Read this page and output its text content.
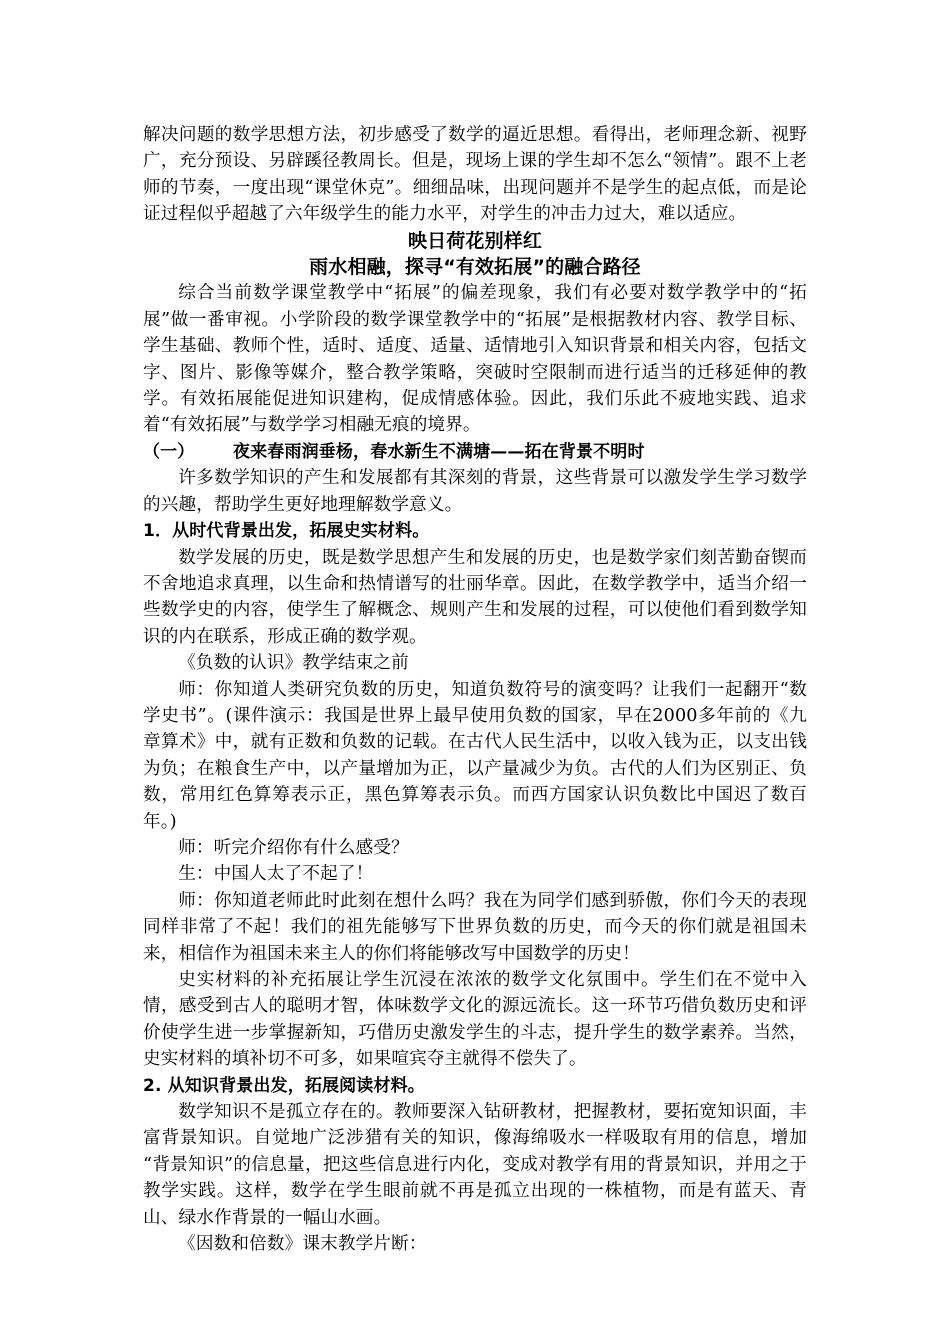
解决问题的数学思想方法，初步感受了数学的逼近思想。看得出，老师理念新、视野广，充分预设、另辟蹊径教周长。但是，现场上课的学生却不怎么“领情”。跟不上老师的节奏，一度出现“课堂休克”。细细品味，出现问题并不是学生的起点低，而是论证过程似乎超越了六年级学生的能力水平，对学生的冲击力过大，难以适应。

映日荷花别样红

雨水相融，探寻“有效拓展”的融合路径

综合当前数学课堂教学中“拓展”的偏差现象，我们有必要对数学教学中的“拓展”做一番审视。小学阶段的数学课堂教学中的“拓展”是根据教材内容、教学目标、学生基础、教师个性，适时、适度、适量、适情地引入知识背景和相关内容，包括文字、图片、影像等媒介，整合教学策略，突破时空限制而进行适当的迁移延伸的教学。有效拓展能促进知识建构，促成情感体验。因此，我们乐此不疲地实践、追求着“有效拓展”与数学学习相融无痕的境界。

（一） 夜来春雨润垂杨，春水新生不满塘——拓在背景不明时

许多数学知识的产生和发展都有其深刻的背景，这些背景可以激发学生学习数学的兴趣，帮助学生更好地理解数学意义。

1．从时代背景出发，拓展史实材料。

数学发展的历史，既是数学思想产生和发展的历史，也是数学家们刻苦勤奋锲而不舍地追求真理，以生命和热情谱写的壮丽华章。因此，在数学教学中，适当介绍一些数学史的内容，使学生了解概念、规则产生和发展的过程，可以使他们看到数学知识的内在联系，形成正确的数学观。

《负数的认识》教学结束之前

师：你知道人类研究负数的历史，知道负数符号的演变吗？让我们一起翻开“数学史书”。(课件演示：我国是世界上最早使用负数的国家，早在2000多年前的《九章算术》中，就有正数和负数的记载。在古代人民生活中，以收入钱为正，以支出钱为负；在粮食生产中，以产量增加为正，以产量减少为负。古代的人们为区别正、负数，常用红色算筹表示正，黑色算筹表示负。而西方国家认识负数比中国迟了数百年。)

师：听完介绍你有什么感受？

生：中国人太了不起了！

师：你知道老师此时此刻在想什么吗？我在为同学们感到骄傲，你们今天的表现同样非常了不起！我们的祖先能够写下世界负数的历史，而今天的你们就是祖国未来，相信作为祖国未来主人的你们将能够改写中国数学的历史！

史实材料的补充拓展让学生沉浸在浓浓的数学文化氛围中。学生们在不觉中入情，感受到古人的聪明才智，体味数学文化的源远流长。这一环节巧借负数历史和评价使学生进一步掌握新知，巧借历史激发学生的斗志，提升学生的数学素养。当然，史实材料的填补切不可多，如果喧宾夺主就得不偿失了。

2. 从知识背景出发，拓展阅读材料。

数学知识不是孤立存在的。教师要深入钻研教材，把握教材，要拓宽知识面，丰富背景知识。自觉地广泛涉猎有关的知识，像海绵吸水一样吸取有用的信息，增加 “背景知识”的信息量，把这些信息进行内化，变成对教学有用的背景知识，并用之于教学实践。这样，数学在学生眼前就不再是孤立出现的一株植物，而是有蓝天、青山、绿水作背景的一幅山水画。

《因数和倍数》课末教学片断：
